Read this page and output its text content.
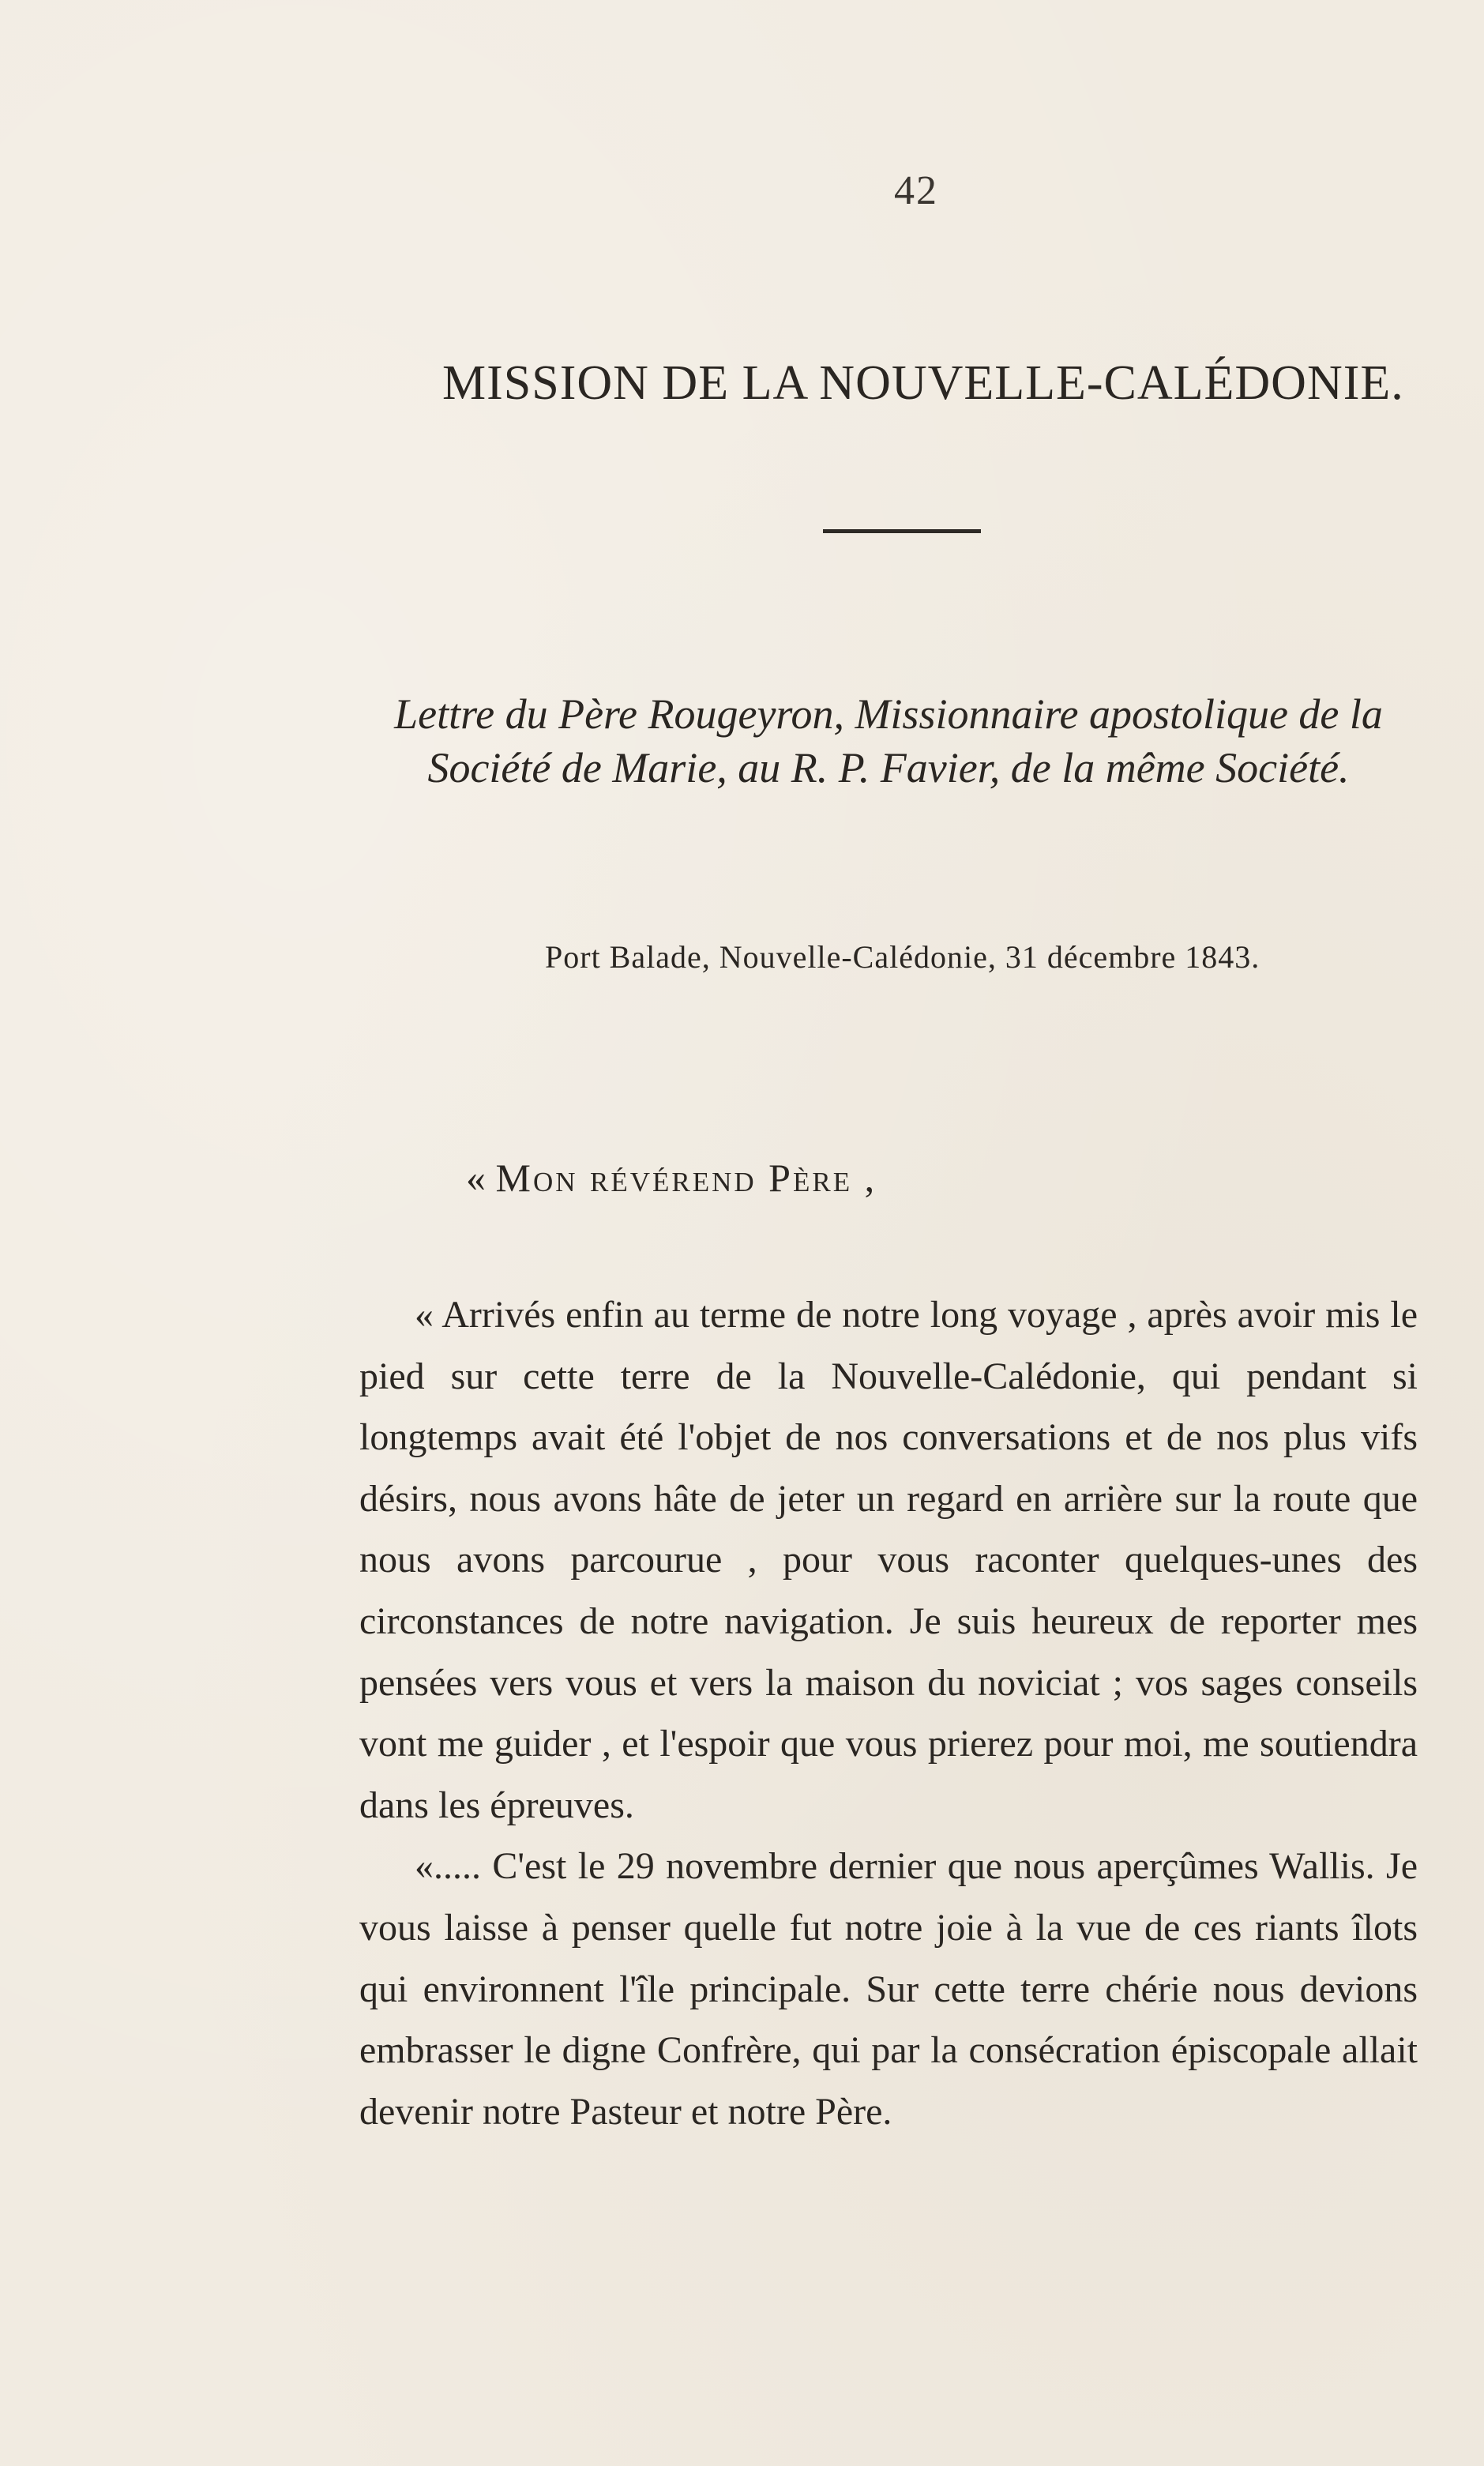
42
MISSION DE LA NOUVELLE-CALÉDONIE.
Lettre du Père Rougeyron, Missionnaire apostolique de la Société de Marie, au R. P. Favier, de la même Société.
Port Balade, Nouvelle-Calédonie, 31 décembre 1843.
« Mon révérend Père ,

« Arrivés enfin au terme de notre long voyage , après avoir mis le pied sur cette terre de la Nouvelle-Calédonie, qui pendant si longtemps avait été l'objet de nos conversations et de nos plus vifs désirs, nous avons hâte de jeter un regard en arrière sur la route que nous avons parcourue , pour vous raconter quelques-unes des circonstances de notre navigation. Je suis heureux de reporter mes pensées vers vous et vers la maison du noviciat ; vos sages conseils vont me guider , et l'espoir que vous prierez pour moi, me soutiendra dans les épreuves.

«..... C'est le 29 novembre dernier que nous aperçûmes Wallis. Je vous laisse à penser quelle fut notre joie à la vue de ces riants îlots qui environnent l'île principale. Sur cette terre chérie nous devions embrasser le digne Confrère, qui par la consécration épiscopale allait devenir notre Pasteur et notre Père.
